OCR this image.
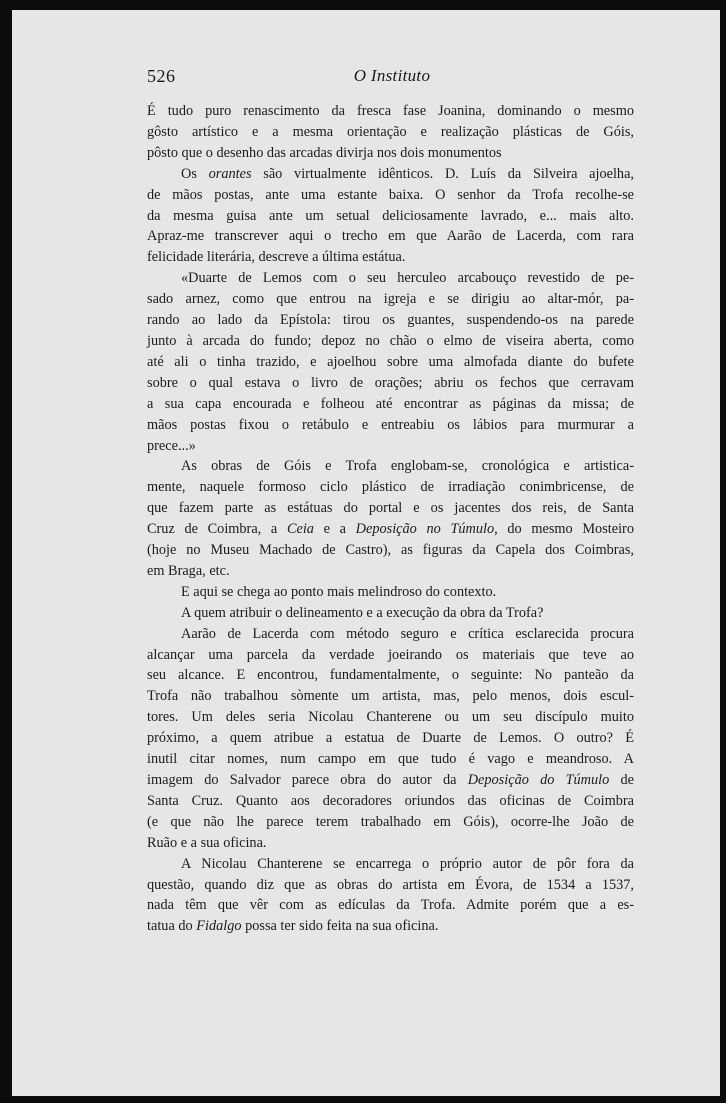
526	O Instituto
É tudo puro renascimento da fresca fase Joanina, dominando o mesmo
gôsto artístico e a mesma orientação e realização plásticas de Góis,
pôsto que o desenho das arcadas divirja nos dois monumentos
Os orantes são virtualmente idênticos. D. Luís da Silveira ajoelha,
de mãos postas, ante uma estante baixa. O senhor da Trofa recolhe-se
da mesma guisa ante um setual deliciosamente lavrado, e... mais alto.
Apraz-me transcrever aqui o trecho em que Aarão de Lacerda, com rara
felicidade literária, descreve a última estátua.
«Duarte de Lemos com o seu herculeo arcabouço revestido de pe-
sado arnez, como que entrou na igreja e se dirigiu ao altar-mór, pa-
rando ao lado da Epístola: tirou os guantes, suspendendo-os na parede
junto à arcada do fundo; depoz no chão o elmo de viseira aberta, como
até ali o tinha trazido, e ajoelhou sobre uma almofada diante do bufete
sobre o qual estava o livro de orações; abriu os fechos que cerravam
a sua capa encourada e folheou até encontrar as páginas da missa; de
mãos postas fixou o retábulo e entreabiu os lábios para murmurar a
prece...»
As obras de Góis e Trofa englobam-se, cronológica e artistica-
mente, naquele formoso ciclo plástico de irradiação conimbricense, de
que fazem parte as estátuas do portal e os jacentes dos reis, de Santa
Cruz de Coimbra, a Ceia e a Deposição no Túmulo, do mesmo Mosteiro
(hoje no Museu Machado de Castro), as figuras da Capela dos Coimbras,
em Braga, etc.
E aqui se chega ao ponto mais melindroso do contexto.
A quem atribuir o delineamento e a execução da obra da Trofa?
Aarão de Lacerda com método seguro e crítica esclarecida procura
alcançar uma parcela da verdade joeirando os materiais que teve ao
seu alcance. E encontrou, fundamentalmente, o seguinte: No panteão da
Trofa não trabalhou sòmente um artista, mas, pelo menos, dois escul-
tores. Um deles seria Nicolau Chanterene ou um seu discípulo muito
próximo, a quem atribue a estatua de Duarte de Lemos. O outro? É
inutil citar nomes, num campo em que tudo é vago e meandroso. A
imagem do Salvador parece obra do autor da Deposição do Túmulo de
Santa Cruz. Quanto aos decoradores oriundos das oficinas de Coimbra
(e que não lhe parece terem trabalhado em Góis), ocorre-lhe João de
Ruão e a sua oficina.
A Nicolau Chanterene se encarrega o próprio autor de pôr fora da
questão, quando diz que as obras do artista em Évora, de 1534 a 1537,
nada têm que vêr com as edículas da Trofa. Admite porém que a es-
tatua do Fidalgo possa ter sido feita na sua oficina.
